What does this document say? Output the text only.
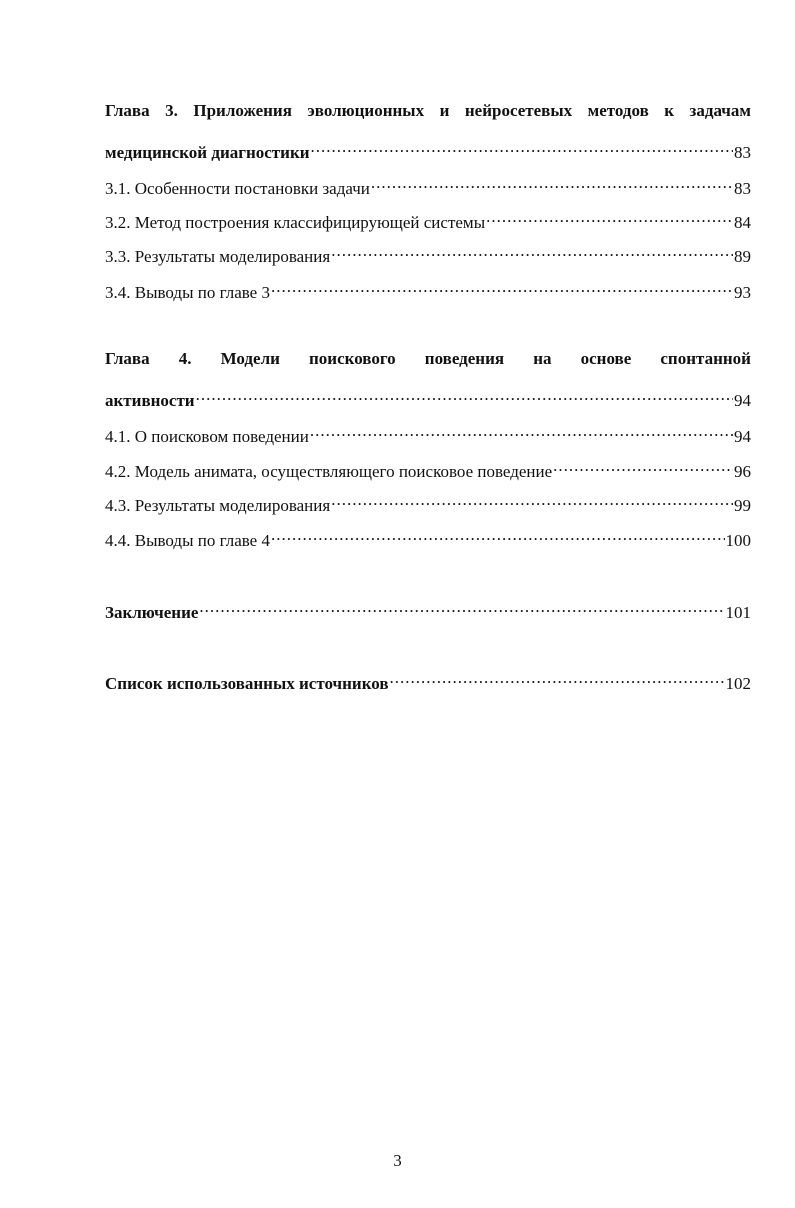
Глава 3. Приложения эволюционных и нейросетевых методов к задачам
медицинской диагностики .....	83
3.1. Особенности постановки задачи .....	83
3.2. Метод построения классифицирующей системы .....	84
3.3. Результаты моделирования .....	89
3.4. Выводы по главе 3 .....	93
Глава 4. Модели поискового поведения на основе спонтанной
активности .....	94
4.1. О поисковом поведении .....	94
4.2. Модель анимата, осуществляющего поисковое поведение .....	96
4.3. Результаты моделирования .....	99
4.4. Выводы по главе 4 .....	100
Заключение .....	101
Список использованных источников .....	102
3
